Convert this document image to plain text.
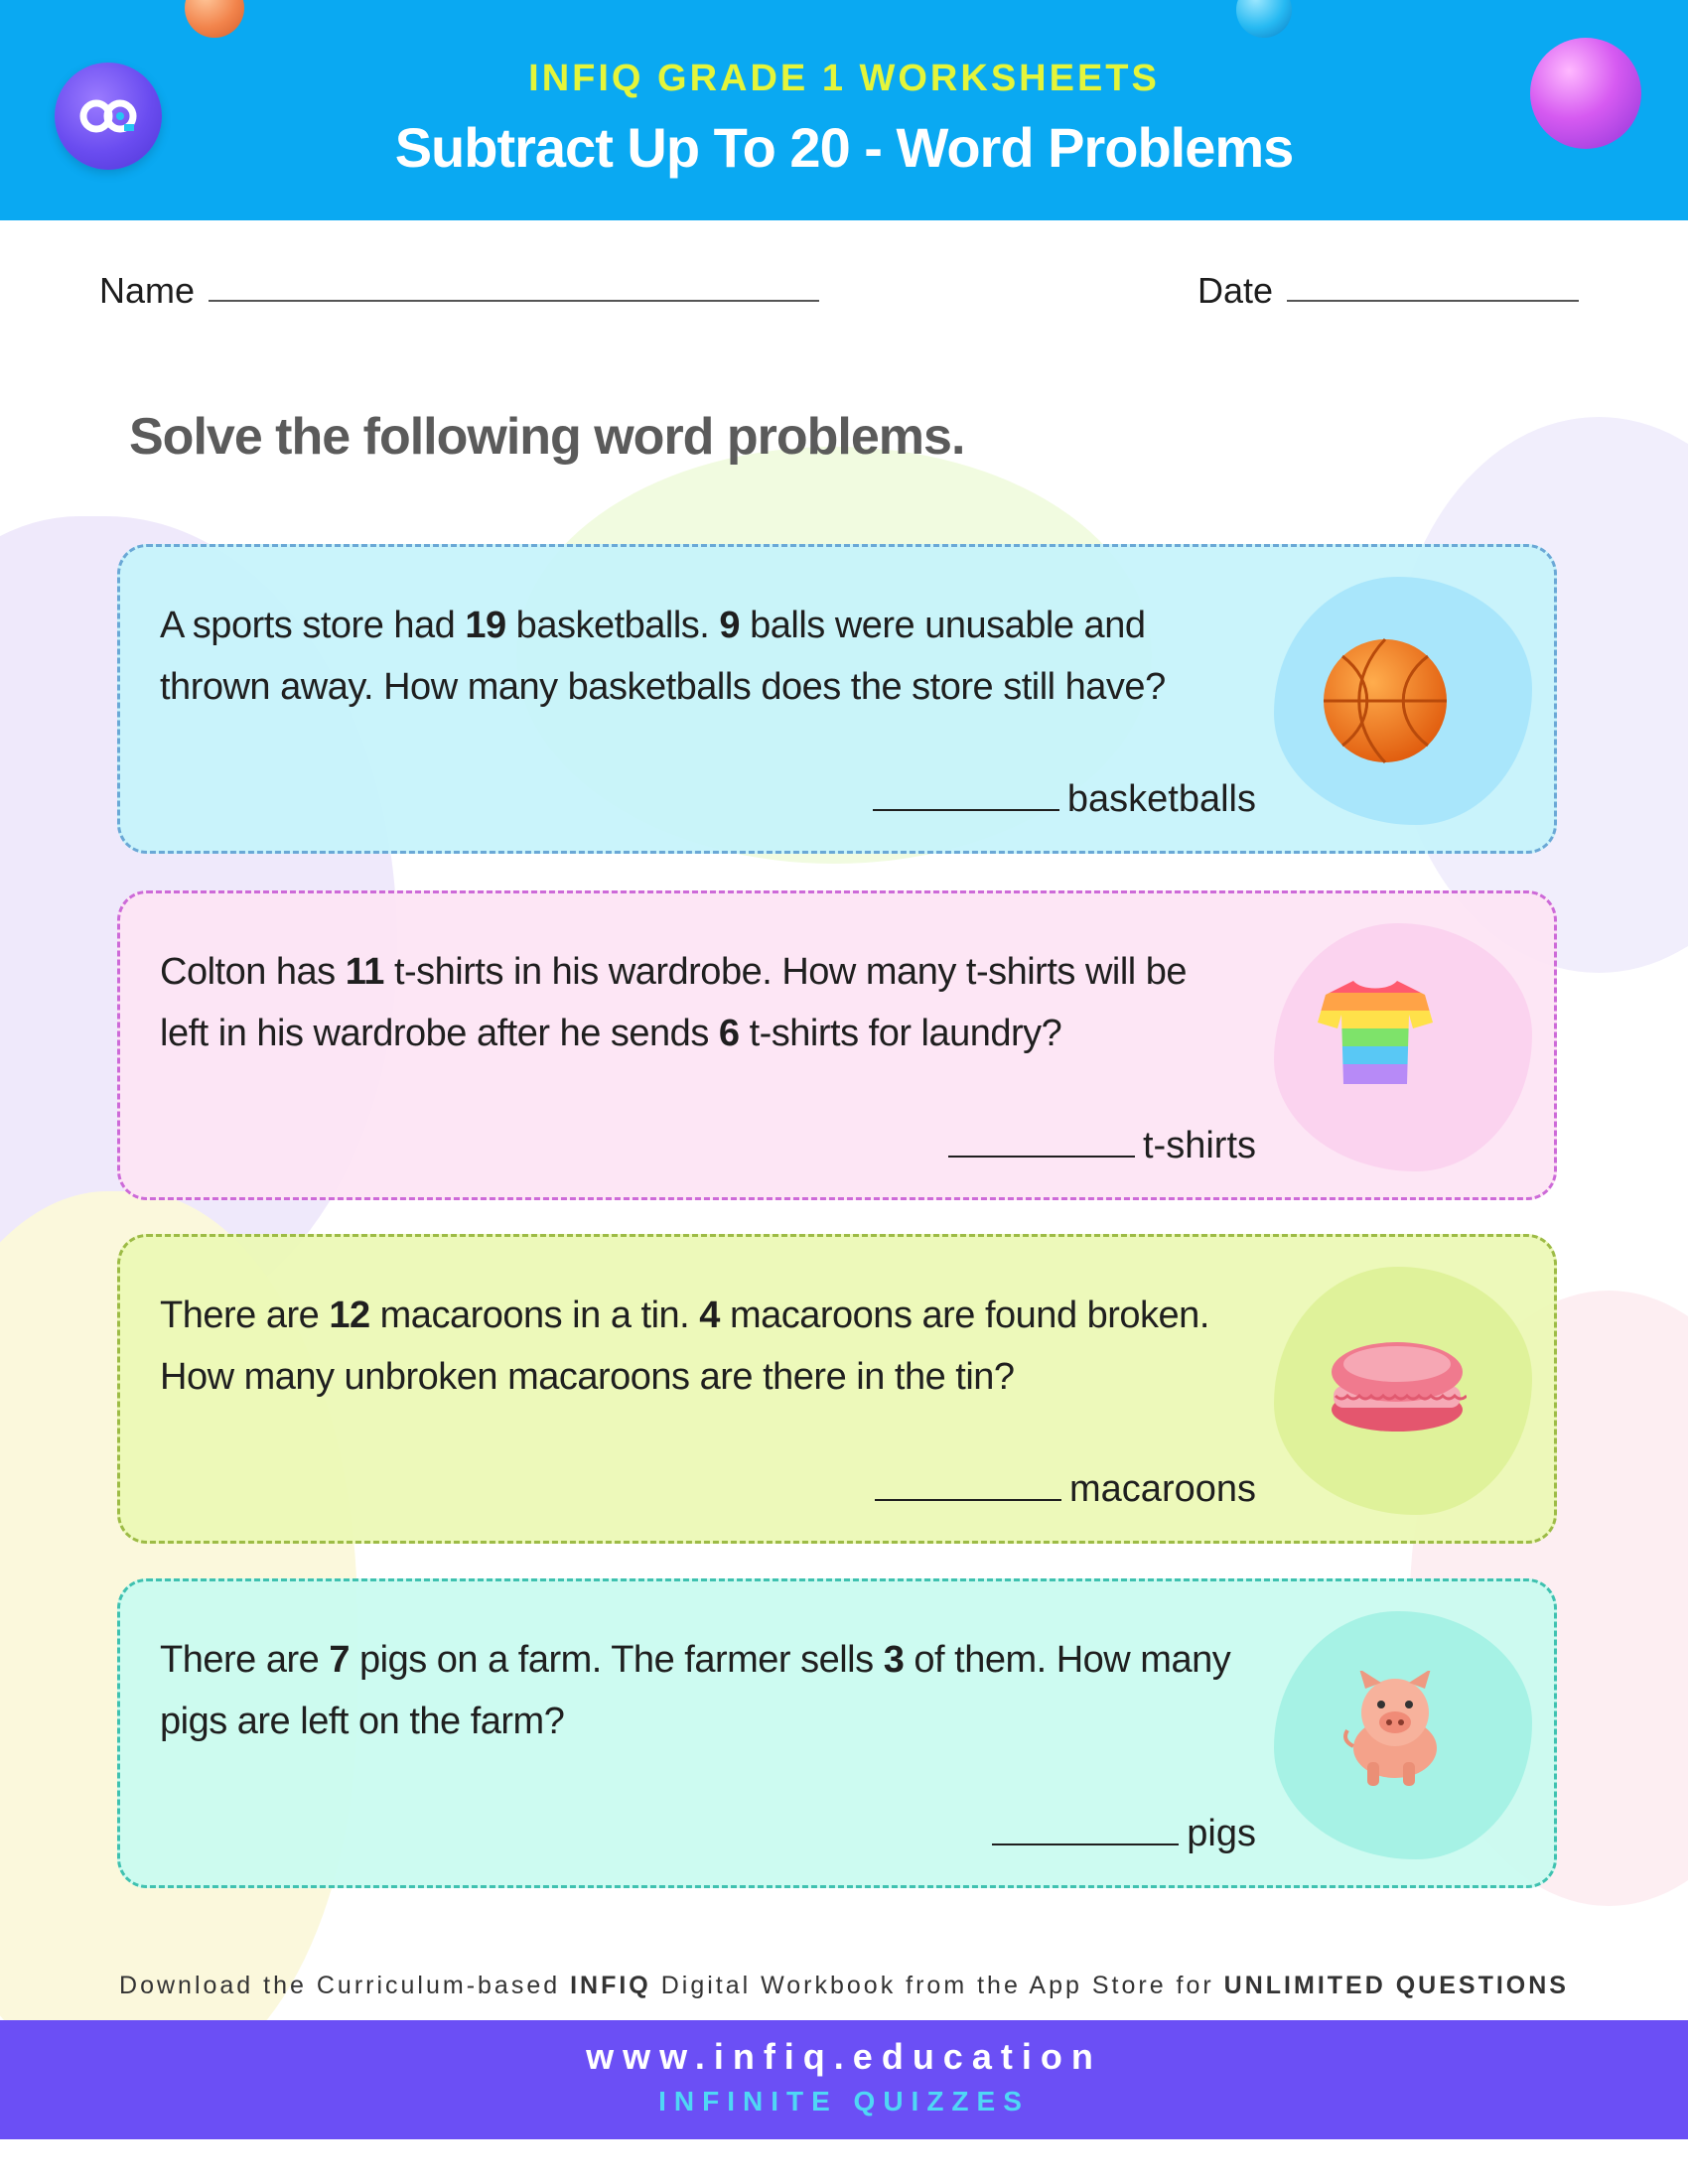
INFIQ GRADE 1 WORKSHEETS
Subtract Up To 20 - Word Problems
Name	Date
Solve the following word problems.
A sports store had 19 basketballs. 9 balls were unusable and thrown away. How many basketballs does the store still have?
basketballs
Colton has 11 t-shirts in his wardrobe. How many t-shirts will be left in his wardrobe after he sends 6 t-shirts for laundry?
t-shirts
There are 12 macaroons in a tin. 4 macaroons are found broken. How many unbroken macaroons are there in the tin?
macaroons
There are 7 pigs on a farm. The farmer sells 3 of them. How many pigs are left on the farm?
pigs
Download the Curriculum-based INFIQ Digital Workbook from the App Store for UNLIMITED QUESTIONS
www.infiq.education
INFINITE QUIZZES
